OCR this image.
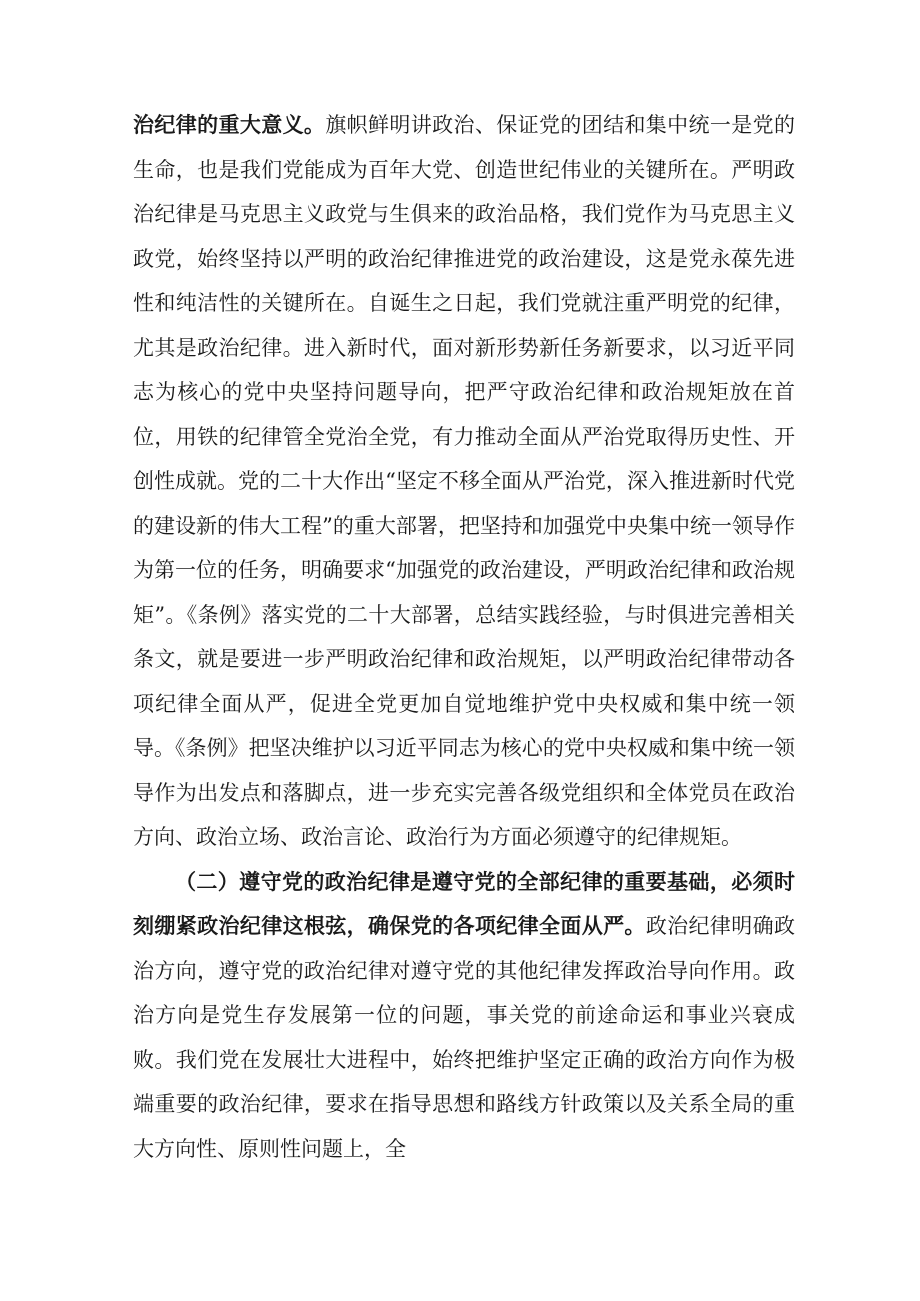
治纪律的重大意义。旗帜鲜明讲政治、保证党的团结和集中统一是党的生命，也是我们党能成为百年大党、创造世纪伟业的关键所在。严明政治纪律是马克思主义政党与生俱来的政治品格，我们党作为马克思主义政党，始终坚持以严明的政治纪律推进党的政治建设，这是党永葆先进性和纯洁性的关键所在。自诞生之日起，我们党就注重严明党的纪律，尤其是政治纪律。进入新时代，面对新形势新任务新要求，以习近平同志为核心的党中央坚持问题导向，把严守政治纪律和政治规矩放在首位，用铁的纪律管全党治全党，有力推动全面从严治党取得历史性、开创性成就。党的二十大作出“坚定不移全面从严治党，深入推进新时代党的建设新的伟大工程”的重大部署，把坚持和加强党中央集中统一领导作为第一位的任务，明确要求“加强党的政治建设，严明政治纪律和政治规矩”。《条例》落实党的二十大部署，总结实践经验，与时俱进完善相关条文，就是要进一步严明政治纪律和政治规矩，以严明政治纪律带动各项纪律全面从严，促进全党更加自觉地维护党中央权威和集中统一领导。《条例》把坚决维护以习近平同志为核心的党中央权威和集中统一领导作为出发点和落脚点，进一步充实完善各级党组织和全体党员在政治方向、政治立场、政治言论、政治行为方面必须遵守的纪律规矩。

（二）遵守党的政治纪律是遵守党的全部纪律的重要基础，必须时刻绷紧政治纪律这根弦，确保党的各项纪律全面从严。政治纪律明确政治方向，遵守党的政治纪律对遵守党的其他纪律发挥政治导向作用。政治方向是党生存发展第一位的问题，事关党的前途命运和事业兴衰成败。我们党在发展壮大进程中，始终把维护坚定正确的政治方向作为极端重要的政治纪律，要求在指导思想和路线方针政策以及关系全局的重大方向性、原则性问题上，全
